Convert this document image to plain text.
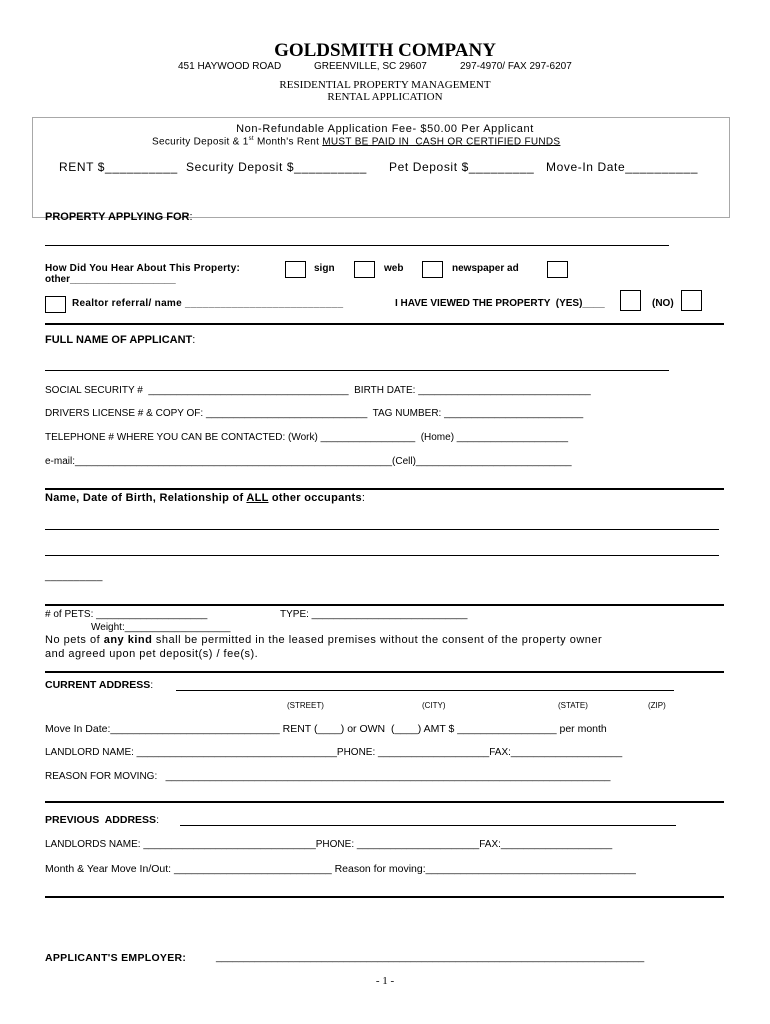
GOLDSMITH COMPANY
451 HAYWOOD ROAD	GREENVILLE, SC 29607	297-4970/ FAX 297-6207
RESIDENTIAL PROPERTY MANAGEMENT
RENTAL APPLICATION
Non-Refundable Application Fee- $50.00 Per Applicant
Security Deposit & 1st Month's Rent MUST BE PAID IN  CASH OR CERTIFIED FUNDS
RENT $__________ Security Deposit $__________ Pet Deposit $_________ Move-In Date__________
PROPERTY APPLYING FOR:
How Did You Hear About This Property:	sign	web	newspaper ad
other___________________
Realtor referral/ name ___________________________	I HAVE VIEWED THE PROPERTY  (YES)____	(NO)
FULL NAME OF APPLICANT:
SOCIAL SECURITY #  ____________________________________  BIRTH DATE: _______________________________
DRIVERS LICENSE # & COPY OF: _____________________________  TAG NUMBER: _________________________
TELEPHONE # WHERE YOU CAN BE CONTACTED: (Work) _________________  (Home) ____________________
e-mail:_________________________________________________________(Cell)____________________________
Name, Date of Birth, Relationship of ALL other occupants:
__________
# of PETS: ____________________	TYPE: ____________________________
Weight:___________________
No pets of any kind shall be permitted in the leased premises without the consent of the property owner
and agreed upon pet deposit(s) / fee(s).
CURRENT ADDRESS:
(STREET)	(CITY)	(STATE)	(ZIP)
Move In Date:_____________________________ RENT (____) or OWN  (____) AMT $ _________________ per month
LANDLORD NAME: ____________________________________PHONE: ____________________FAX:____________________
REASON FOR MOVING:   ________________________________________________________________________________
PREVIOUS  ADDRESS:
LANDLORDS NAME: _______________________________PHONE: ______________________FAX:____________________
Month & Year Move In/Out: ___________________________ Reason for moving:____________________________________
APPLICANT'S EMPLOYER:	_____________________________________________________________________________
- 1 -
